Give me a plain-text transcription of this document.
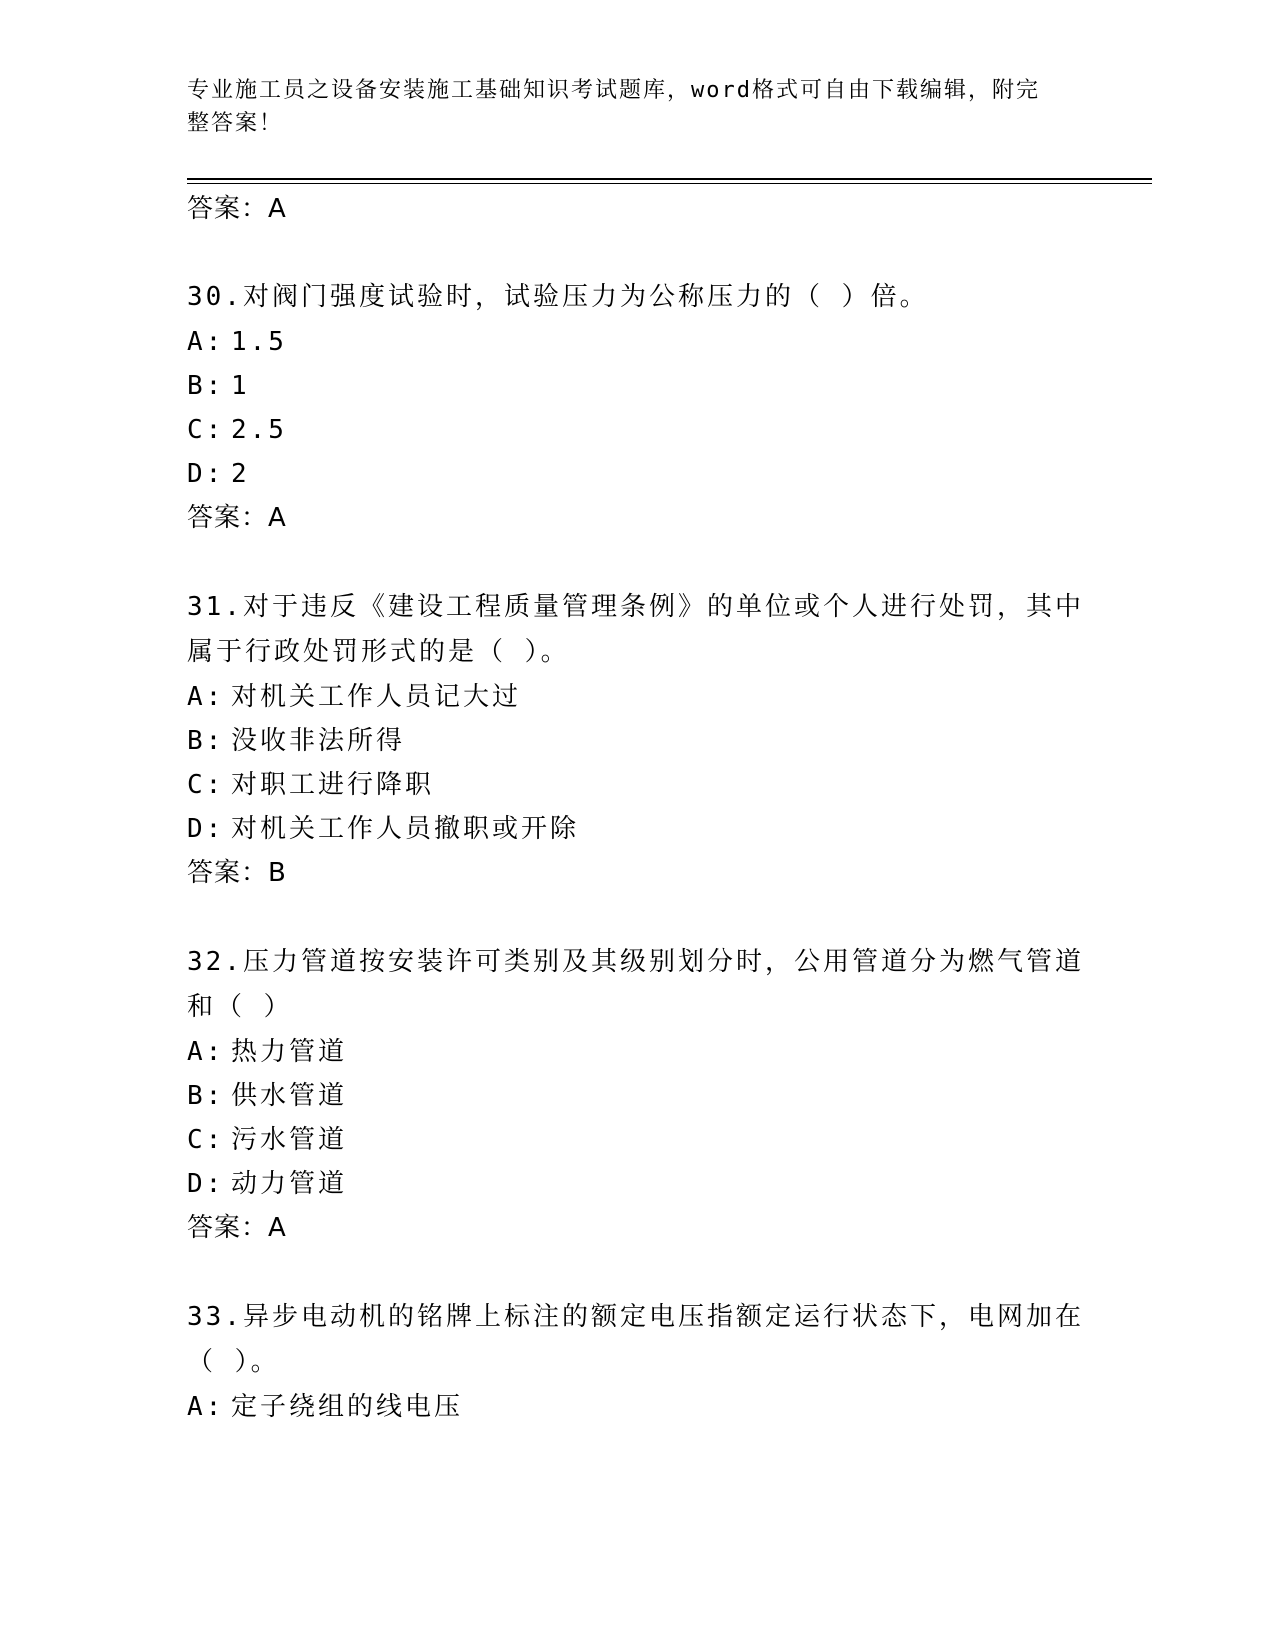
专业施工员之设备安装施工基础知识考试题库，word格式可自由下载编辑，附完
整答案！
答案：A
30.对阀门强度试验时，试验压力为公称压力的（ ）倍。
A: 1.5
B: 1
C: 2.5
D: 2
答案：A
31.对于违反《建设工程质量管理条例》的单位或个人进行处罚，其中
属于行政处罚形式的是（ ）。
A: 对机关工作人员记大过
B: 没收非法所得
C: 对职工进行降职
D: 对机关工作人员撤职或开除
答案：B
32.压力管道按安装许可类别及其级别划分时，公用管道分为燃气管道
和（ ）
A: 热力管道
B: 供水管道
C: 污水管道
D: 动力管道
答案：A
33.异步电动机的铭牌上标注的额定电压指额定运行状态下，电网加在
（ ）。
A: 定子绕组的线电压
